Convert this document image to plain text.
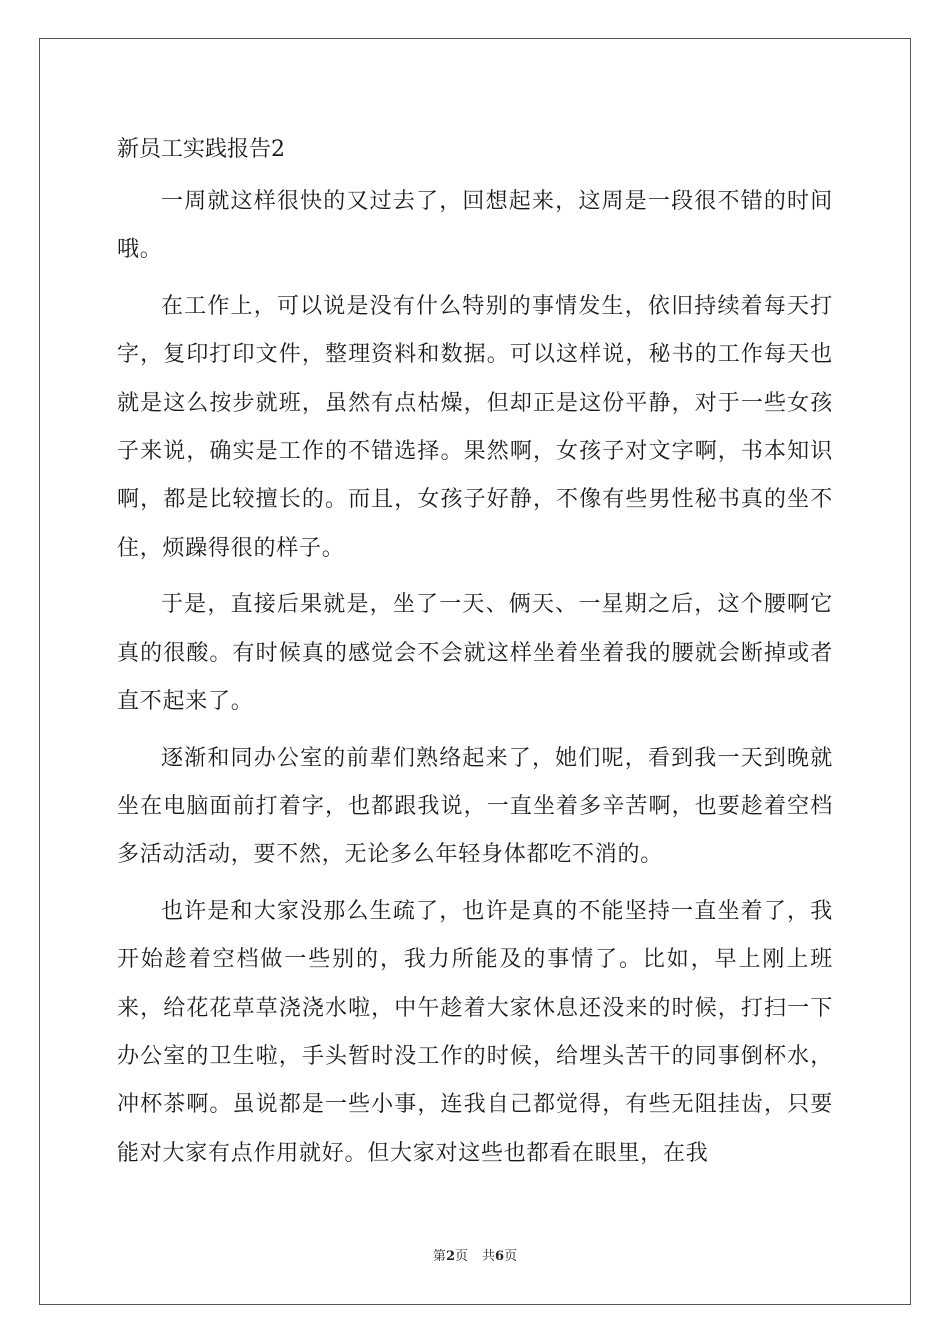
新员工实践报告2

一周就这样很快的又过去了，回想起来，这周是一段很不错的时间哦。

在工作上，可以说是没有什么特别的事情发生，依旧持续着每天打字，复印打印文件，整理资料和数据。可以这样说，秘书的工作每天也就是这么按步就班，虽然有点枯燥，但却正是这份平静，对于一些女孩子来说，确实是工作的不错选择。果然啊，女孩子对文字啊，书本知识啊，都是比较擅长的。而且，女孩子好静，不像有些男性秘书真的坐不住，烦躁得很的样子。

于是，直接后果就是，坐了一天、俩天、一星期之后，这个腰啊它真的很酸。有时候真的感觉会不会就这样坐着坐着我的腰就会断掉或者直不起来了。

逐渐和同办公室的前辈们熟络起来了，她们呢，看到我一天到晚就坐在电脑面前打着字，也都跟我说，一直坐着多辛苦啊，也要趁着空档多活动活动，要不然，无论多么年轻身体都吃不消的。

也许是和大家没那么生疏了，也许是真的不能坚持一直坐着了，我开始趁着空档做一些别的，我力所能及的事情了。比如，早上刚上班来，给花花草草浇浇水啦，中午趁着大家休息还没来的时候，打扫一下办公室的卫生啦，手头暂时没工作的时候，给埋头苦干的同事倒杯水，冲杯茶啊。虽说都是一些小事，连我自己都觉得，有些无阻挂齿，只要能对大家有点作用就好。但大家对这些也都看在眼里，在我

第2页 共6页
